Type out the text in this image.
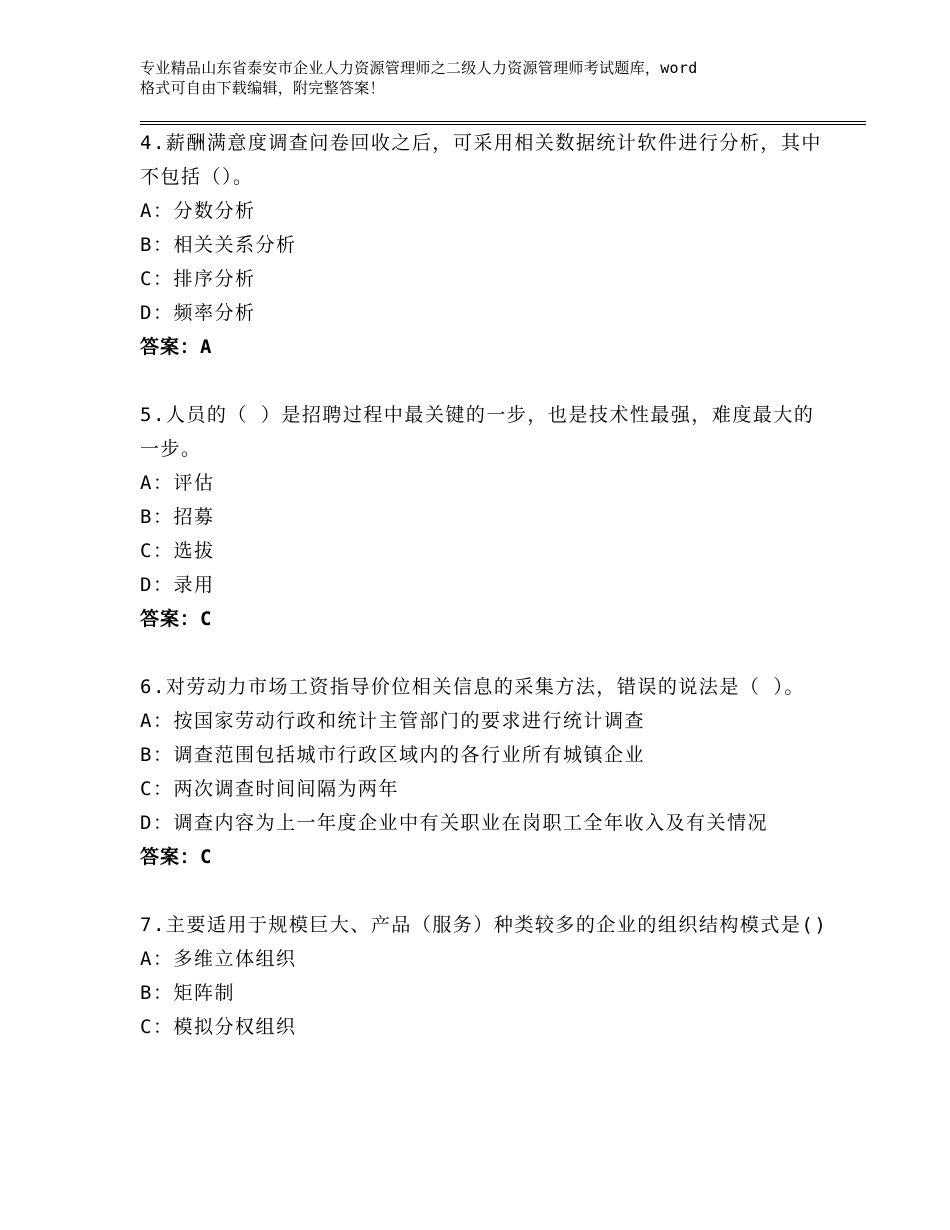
专业精品山东省泰安市企业人力资源管理师之二级人力资源管理师考试题库，word
格式可自由下载编辑，附完整答案！
4.薪酬满意度调查问卷回收之后，可采用相关数据统计软件进行分析，其中不包括（）。
A：分数分析
B：相关关系分析
C：排序分析
D：频率分析
答案：A
5.人员的（ ）是招聘过程中最关键的一步，也是技术性最强，难度最大的一步。
A：评估
B：招募
C：选拔
D：录用
答案：C
6.对劳动力市场工资指导价位相关信息的采集方法，错误的说法是（ ）。
A：按国家劳动行政和统计主管部门的要求进行统计调查
B：调查范围包括城市行政区域内的各行业所有城镇企业
C：两次调查时间间隔为两年
D：调查内容为上一年度企业中有关职业在岗职工全年收入及有关情况
答案：C
7.主要适用于规模巨大、产品（服务）种类较多的企业的组织结构模式是()
A：多维立体组织
B：矩阵制
C：模拟分权组织
